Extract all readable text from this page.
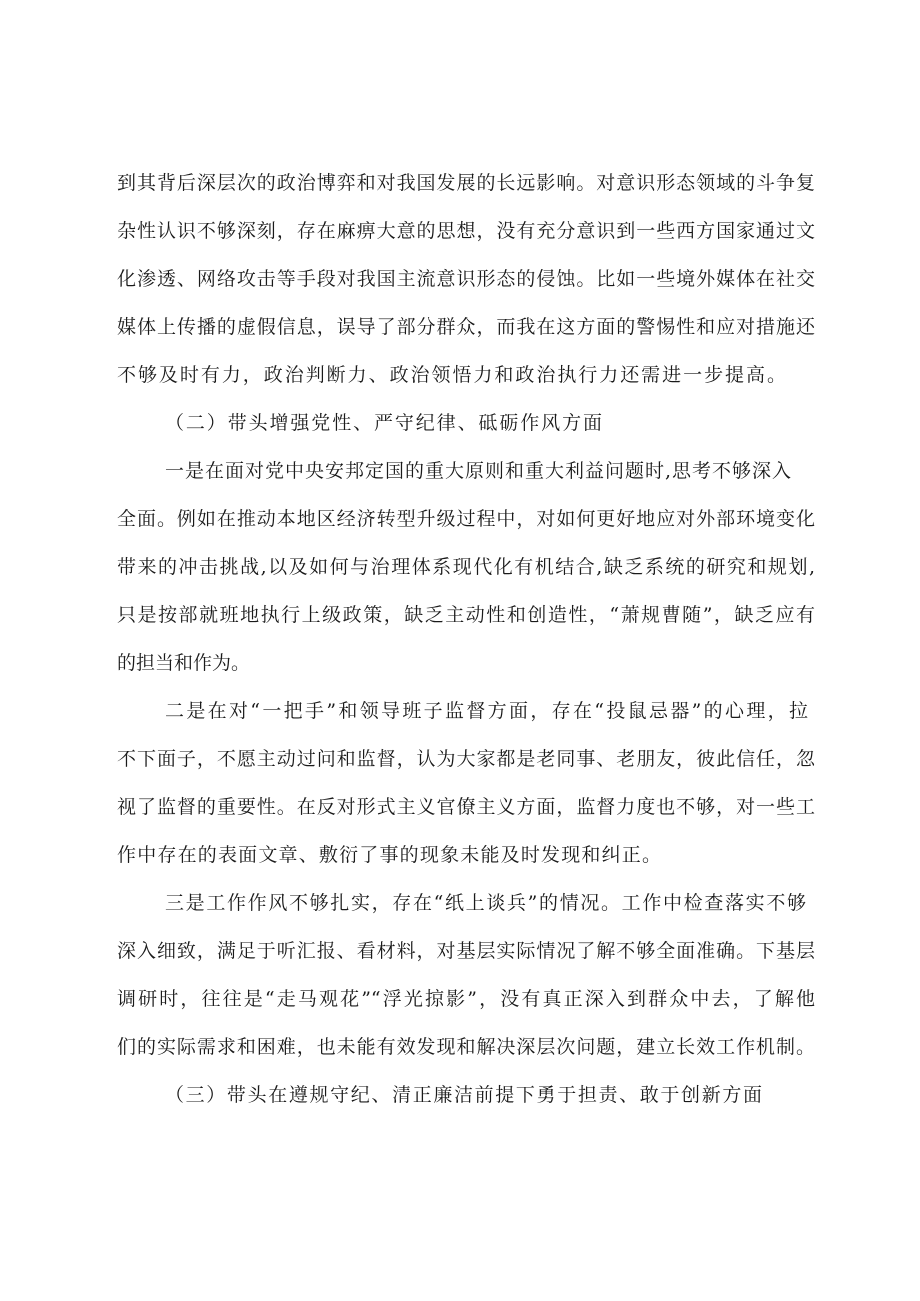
到其背后深层次的政治博弈和对我国发展的长远影响。对意识形态领域的斗争复
杂性认识不够深刻，存在麻痹大意的思想，没有充分意识到一些西方国家通过文
化渗透、网络攻击等手段对我国主流意识形态的侵蚀。比如一些境外媒体在社交
媒体上传播的虚假信息，误导了部分群众，而我在这方面的警惕性和应对措施还
不够及时有力，政治判断力、政治领悟力和政治执行力还需进一步提高。
（二）带头增强党性、严守纪律、砥砺作风方面
一是在面对党中央安邦定国的重大原则和重大利益问题时,思考不够深入
全面。例如在推动本地区经济转型升级过程中，对如何更好地应对外部环境变化
带来的冲击挑战,以及如何与治理体系现代化有机结合,缺乏系统的研究和规划,
只是按部就班地执行上级政策，缺乏主动性和创造性，“萧规曹随”，缺乏应有
的担当和作为。
二是在对“一把手”和领导班子监督方面，存在“投鼠忌器”的心理，拉
不下面子，不愿主动过问和监督，认为大家都是老同事、老朋友，彼此信任，忽
视了监督的重要性。在反对形式主义官僚主义方面，监督力度也不够，对一些工
作中存在的表面文章、敷衍了事的现象未能及时发现和纠正。
三是工作作风不够扎实，存在“纸上谈兵”的情况。工作中检查落实不够
深入细致，满足于听汇报、看材料，对基层实际情况了解不够全面准确。下基层
调研时，往往是“走马观花”“浮光掠影”，没有真正深入到群众中去，了解他
们的实际需求和困难，也未能有效发现和解决深层次问题，建立长效工作机制。
（三）带头在遵规守纪、清正廉洁前提下勇于担责、敢于创新方面
